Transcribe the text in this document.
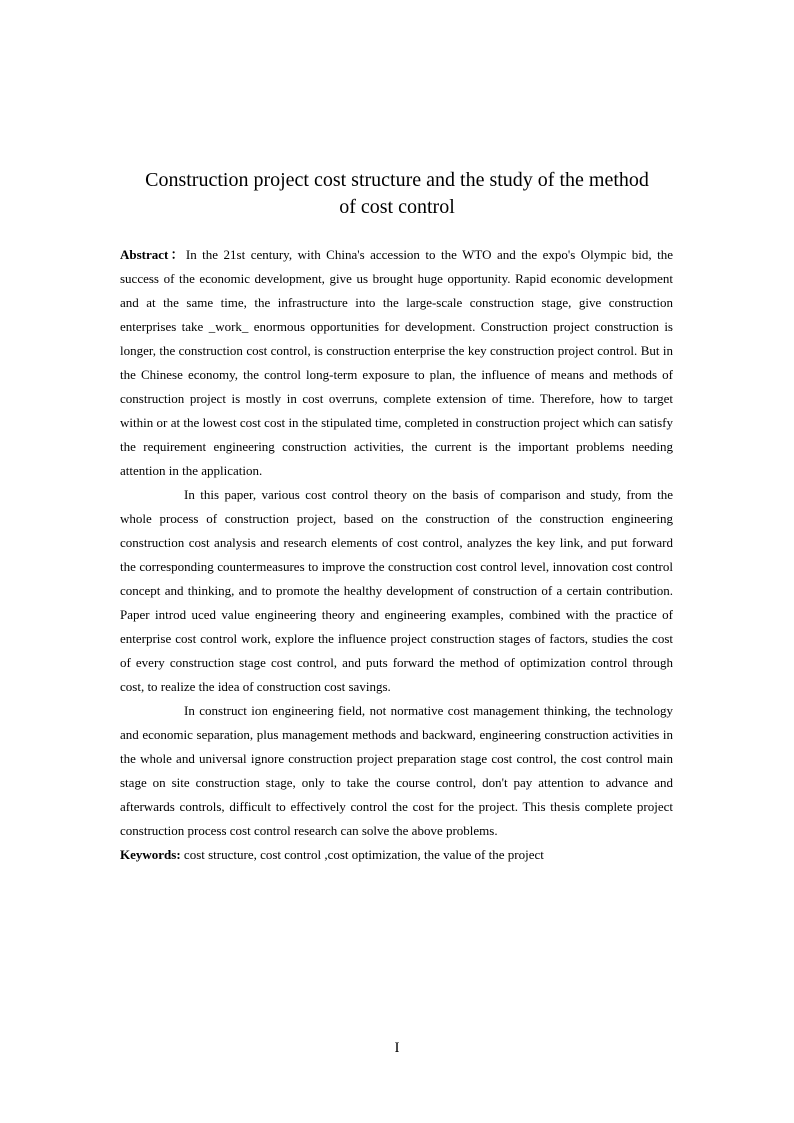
Construction project cost structure and the study of the method
of cost control

Abstract：In the 21st century, with China's accession to the WTO and the expo's Olympic bid, the success of the economic development, give us brought huge opportunity. Rapid economic development and at the same time, the infrastructure into the large-scale construction stage, give construction enterprises take _work_ enormous opportunities for development. Construction project construction is longer, the construction cost control, is construction enterprise the key construction project control. But in the Chinese economy, the control long-term exposure to plan, the influence of means and methods of construction project is mostly in cost overruns, complete extension of time. Therefore, how to target within or at the lowest cost cost in the stipulated time, completed in construction project which can satisfy the requirement engineering construction activities, the current is the important problems needing attention in the application.

In this paper, various cost control theory on the basis of comparison and study, from the whole process of construction project, based on the construction of the construction engineering construction cost analysis and research elements of cost control, analyzes the key link, and put forward the corresponding countermeasures to improve the construction cost control level, innovation cost control concept and thinking, and to promote the healthy development of construction of a certain contribution. Paper introd uced value engineering theory and engineering examples, combined with the practice of enterprise cost control work, explore the influence project construction stages of factors, studies the cost of every construction stage cost control, and puts forward the method of optimization control through cost, to realize the idea of construction cost savings.

In construct ion engineering field, not normative cost management thinking, the technology and economic separation, plus management methods and backward, engineering construction activities in the whole and universal ignore construction project preparation stage cost control, the cost control main stage on site construction stage, only to take the course control, don't pay attention to advance and afterwards controls, difficult to effectively control the cost for the project. This thesis complete project construction process cost control research can solve the above problems.

Keywords: cost structure, cost control ,cost optimization, the value of the project

I
